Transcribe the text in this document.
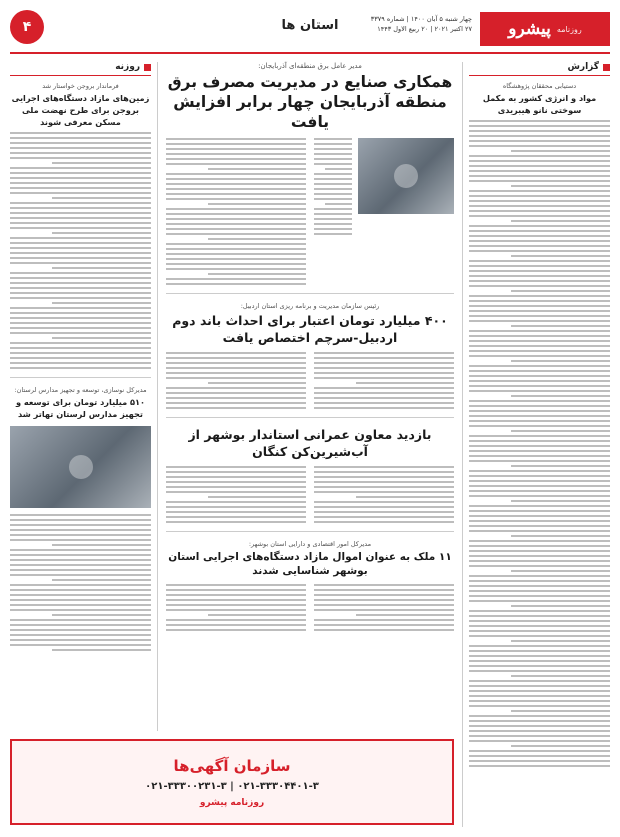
روزنامه
پیشرو
چهار شنبه ۵ آبان ۱۴۰۰ | شماره ۳۳۷۹
۲۷ اکتبر ۲۰۲۱ | ۲۰ ربیع الاول ۱۴۴۳
استان ها
۴
گزارش
دستیابی محققان پژوهشگاه
مواد و انرژی کشور به مکمل سوختی نانو هیبریدی
روزنه
فرماندار بروجن خواستار شد
زمین‌های مازاد دستگاه‌های اجرایی بروجن برای طرح نهضت ملی مسکن معرفی شوند
مدیرکل نوسازی، توسعه و تجهیز مدارس لرستان:
۵۱۰ میلیارد تومان برای توسعه و تجهیز مدارس لرستان تهاتر شد
مدیر عامل برق منطقه‌ای آذربایجان:
همکاری صنایع در مدیریت مصرف برق منطقه آذربایجان چهار برابر افزایش یافت
رئیس سازمان مدیریت و برنامه ریزی استان اردبیل:
۴۰۰ میلیارد تومان اعتبار برای احداث باند دوم اردبیل-سرچم اختصاص یافت
بازدید معاون عمرانی استاندار بوشهر از آب‌شیرین‌کن کنگان
مدیرکل امور اقتصادی و دارایی استان بوشهر:
۱۱ ملک به عنوان اموال مازاد دستگاه‌های اجرایی استان بوشهر شناسایی شدند
سازمان آگهی‌ها
۰۲۱-۳۳۳۰۰۲۳۱-۳ | ۰۲۱-۳۳۳۰۴۴۰۱-۳
روزنامه پیشرو
